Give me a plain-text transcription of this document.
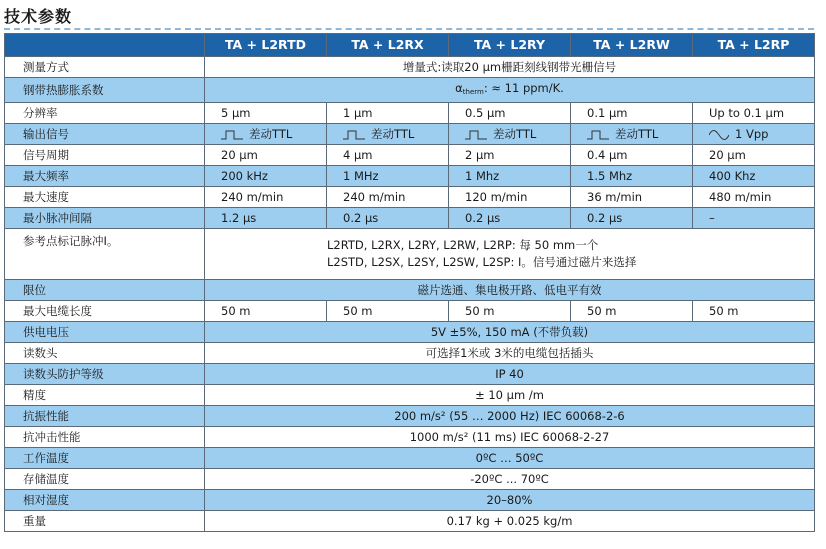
技术参数
	TA + L2RTD	TA + L2RX	TA + L2RY	TA + L2RW	TA + L2RP
测量方式	增量式:读取20 μm栅距刻线钢带光栅信号				
钢带热膨胀系数	$\alpha_{therm}$: ≈ 11 ppm/K.				
分辨率	5 μm	1 μm	0.5 μm	0.1 μm	Up to 0.1 μm
输出信号	差动TTL	差动TTL	差动TTL	差动TTL	1 Vpp
信号周期	20 μm	4 μm	2 μm	0.4 μm	20 μm
最大频率	200 kHz	1 MHz	1 Mhz	1.5 Mhz	400 Khz
最大速度	240 m/min	240 m/min	120 m/min	36 m/min	480 m/min
最小脉冲间隔	1.2 μs	0.2 μs	0.2 μs	0.2 μs	–
参考点标记脉冲I。	L2RTD, L2RX, L2RY, L2RW, L2RP: 每 50 mm一个
L2STD, L2SX, L2SY, L2SW, L2SP: I。信号通过磁片来选择				

限位	磁片选通、集电极开路、低电平有效				
最大电缆长度	50 m	50 m	50 m	50 m	50 m
供电电压	5V ±5%, 150 mA (不带负载)				
读数头	可选择1米或 3米的电缆包括插头				
读数头防护等级	IP 40				
精度	± 10 μm /m				
抗振性能	200 m/s² (55 … 2000 Hz) IEC 60068-2-6				
抗冲击性能	1000 m/s² (11 ms) IEC 60068-2-27				
工作温度	0ºC … 50ºC				
存储温度	-20ºC ... 70ºC				
相对湿度	20–80%				
重量	0.17 kg + 0.025 kg/m				
